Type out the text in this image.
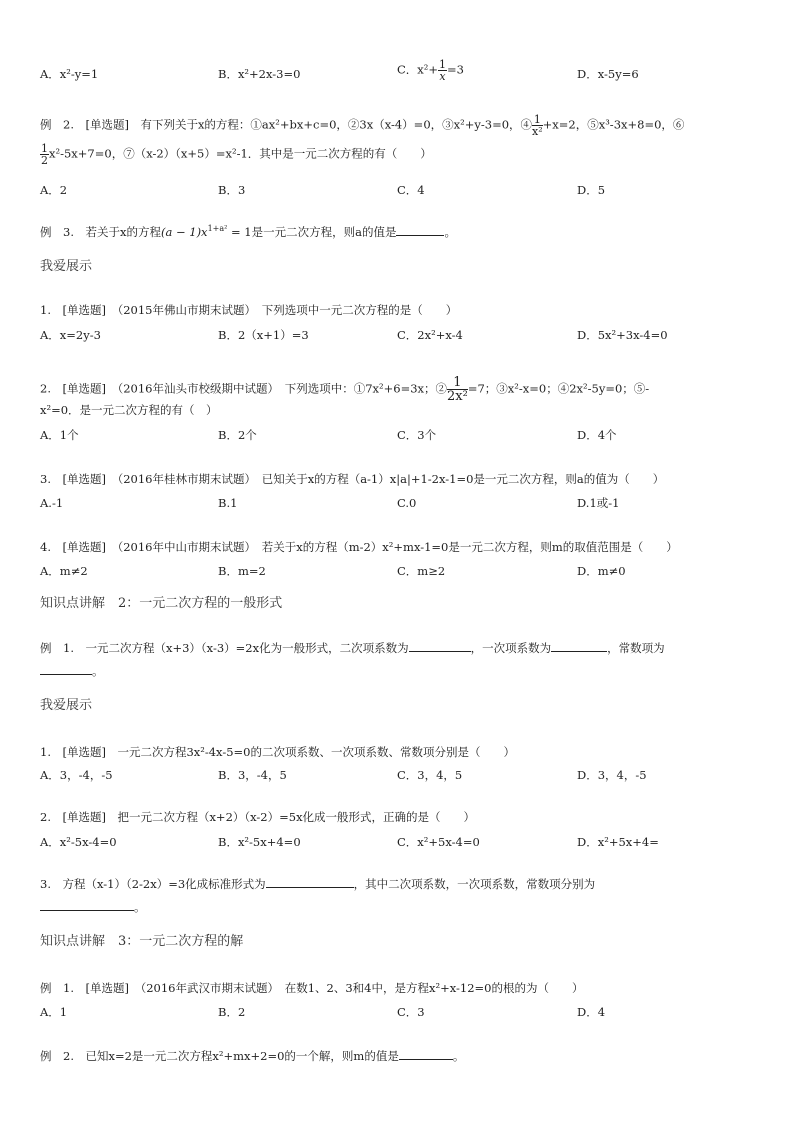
A．x²-y=1	B．x²+2x-3=0	C．$x^2+ \frac{1}{x} =3$	D．x-5y=6
例　2.　[单选题]　有下列关于x的方程：①ax²+bx+c=0，②3x（x-4）=0，③x²+y-3=0，④ $\frac{1}{\text{x²}} +x=2$，⑤x³-3x+8=0，⑥
$\frac{1}{2} x^2-5x+7=0$，⑦（x-2）（x+5）=x²-1．其中是一元二次方程的有（　　）
A．2	B．3	C．4	D．5
例　3.　若关于x的方程$(a - 1)x^{1+a^2} = 1$是一元二次方程，则a的值是	。
我爱展示
1.　[单选题]　（2015年佛山市期末试题）　下列选项中一元二次方程的是（　　）
A．x=2y-3	B．2（x+1）=3	C．2x²+x-4	D．5x²+3x-4=0
2.　[单选题]　（2016年汕头市校级期中试题）　下列选项中：①7x²+6=3x；② $\frac{1}{\text{2x²}} =7$；③x²-x=0；④2x²-5y=0；⑤-
x²=0．是一元二次方程的有（　）
A．1个	B．2个	C．3个	D．4个
3.　[单选题]　（2016年桂林市期末试题）　已知关于x的方程（a-1）x|a|+1-2x-1=0是一元二次方程，则a的值为（　　）
A.-1	B.1	C.0	D.1或-1
4.　[单选题]　（2016年中山市期末试题）　若关于x的方程（m-2）x²+mx-1=0是一元二次方程，则m的取值范围是（　　）
A．m≠2	B．m=2	C．m≥2	D．m≠0
知识点讲解　2：一元二次方程的一般形式
例　1.　一元二次方程（x+3）（x-3）=2x化为一般形式，二次项系数为	，一次项系数为	，常数项为
。
我爱展示
1.　[单选题]　一元二次方程3x²-4x-5=0的二次项系数、一次项系数、常数项分别是（　　）
A．3，-4，-5	B．3，-4，5	C．3，4，5	D．3，4，-5
2.　[单选题]　把一元二次方程（x+2）（x-2）=5x化成一般形式，正确的是（　　）
A．x²-5x-4=0	B．x²-5x+4=0	C．x²+5x-4=0	D．x²+5x+4=
3.　方程（x-1）（2-2x）=3化成标准形式为	，其中二次项系数，一次项系数，常数项分别为
。
知识点讲解　3：一元二次方程的解
例　1.　[单选题]　（2016年武汉市期末试题）　在数1、2、3和4中，是方程x²+x-12=0的根的为（　　）
A．1	B．2	C．3	D．4
例　2.　已知x=2是一元二次方程x²+mx+2=0的一个解，则m的值是	。
